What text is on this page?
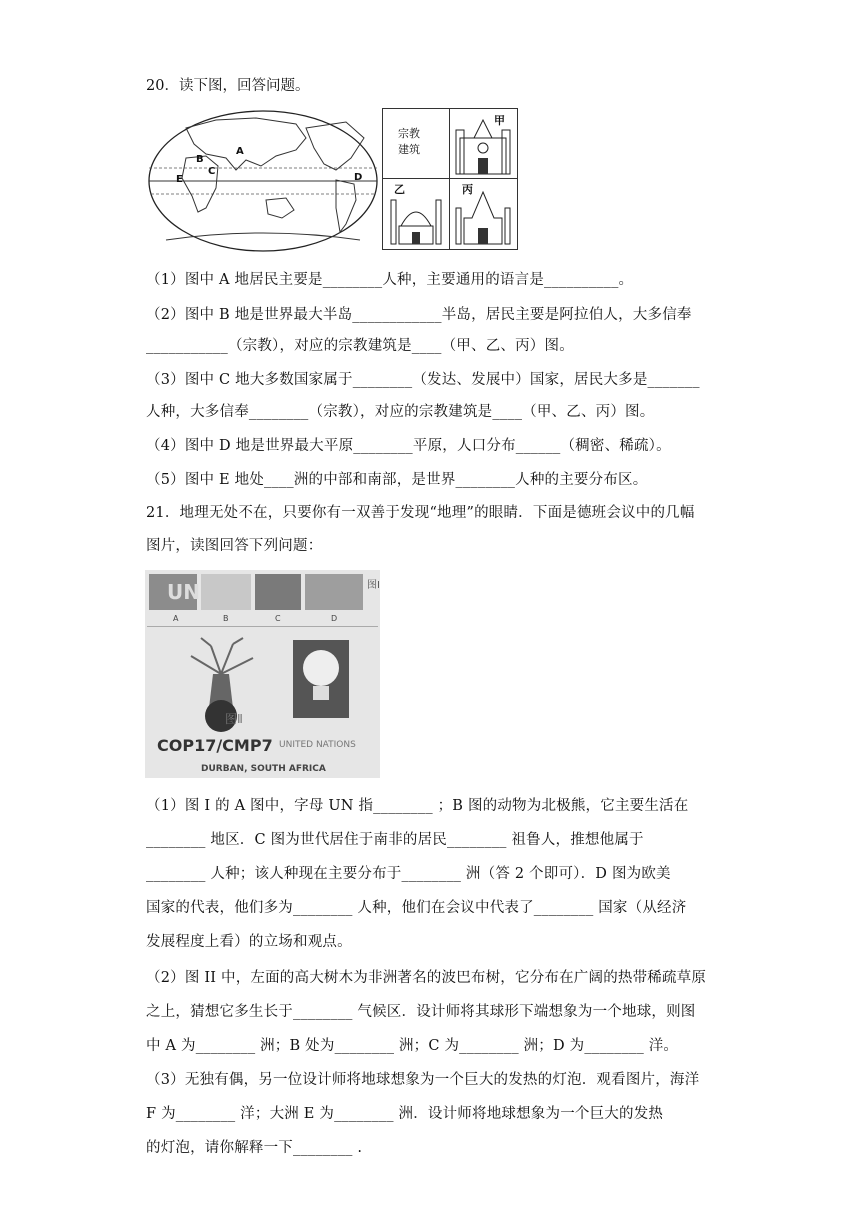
20．读下图，回答问题。
A
B
C
D
E
宗教
建筑
甲
乙	丙
（1）图中 A 地居民主要是________人种，主要通用的语言是__________。
（2）图中 B 地是世界最大半岛____________半岛，居民主要是阿拉伯人，大多信奉
___________（宗教），对应的宗教建筑是____（甲、乙、丙）图。
（3）图中 C 地大多数国家属于________（发达、发展中）国家，居民大多是_______
人种，大多信奉________（宗教），对应的宗教建筑是____（甲、乙、丙）图。
（4）图中 D 地是世界最大平原________平原，人口分布______（稠密、稀疏）。
（5）图中 E 地处____洲的中部和南部，是世界________人种的主要分布区。
21．地理无处不在，只要你有一双善于发现“地理”的眼睛．下面是德班会议中的几幅
图片，读图回答下列问题：
UN	图Ⅰ
A	B	C	D
图Ⅱ
COP17/CMP7 UNITED NATIONS
DURBAN, SOUTH AFRICA
（1）图 I 的 A 图中，字母 UN 指________ ；B 图的动物为北极熊，它主要生活在
________ 地区．C 图为世代居住于南非的居民________ 祖鲁人，推想他属于
________ 人种；该人种现在主要分布于________ 洲（答 2 个即可）．D 图为欧美
国家的代表，他们多为________ 人种，他们在会议中代表了________ 国家（从经济
发展程度上看）的立场和观点。
（2）图 II 中，左面的高大树木为非洲著名的波巴布树，它分布在广阔的热带稀疏草原
之上，猜想它多生长于________ 气候区．设计师将其球形下端想象为一个地球，则图
中 A 为________ 洲；B 处为________ 洲；C 为________ 洲；D 为________ 洋。
（3）无独有偶，另一位设计师将地球想象为一个巨大的发热的灯泡．观看图片，海洋
F 为________ 洋；大洲 E 为________ 洲．设计师将地球想象为一个巨大的发热
的灯泡，请你解释一下________ .
